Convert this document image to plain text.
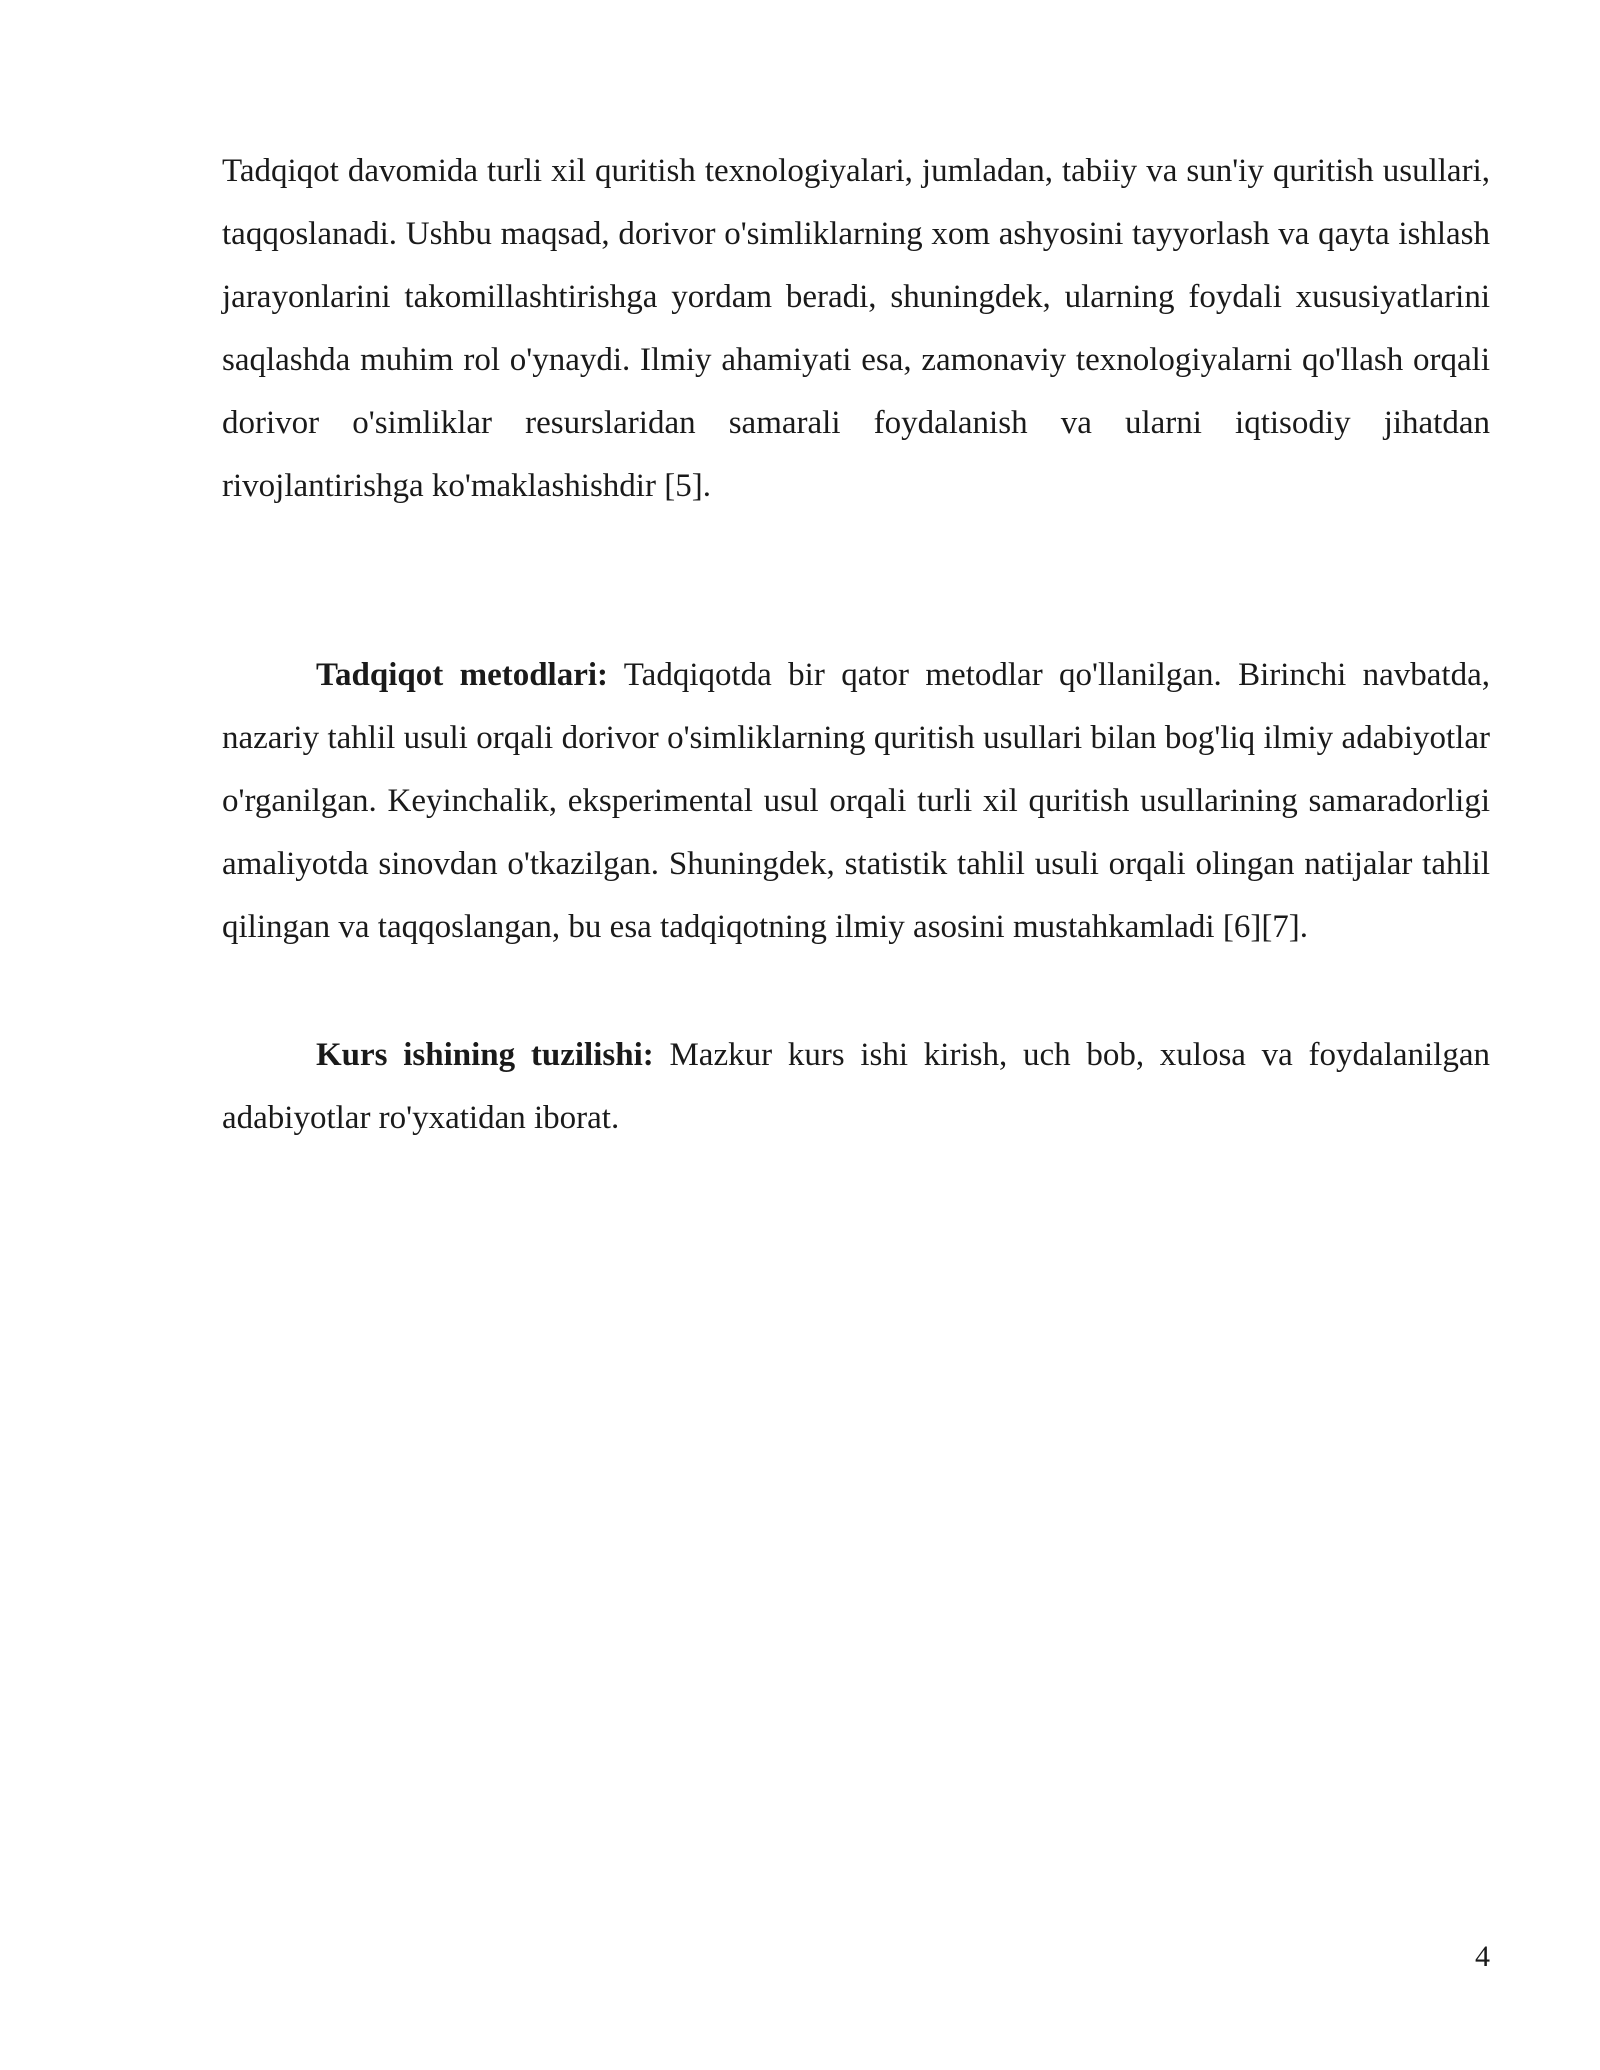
Tadqiqot davomida turli xil quritish texnologiyalari, jumladan, tabiiy va sun'iy quritish usullari, taqqoslanadi. Ushbu maqsad, dorivor o'simliklarning xom ashyosini tayyorlash va qayta ishlash jarayonlarini takomillashtirishga yordam beradi, shuningdek, ularning foydali xususiyatlarini saqlashda muhim rol o'ynaydi. Ilmiy ahamiyati esa, zamonaviy texnologiyalarni qo'llash orqali dorivor o'simliklar resurslaridan samarali foydalanish va ularni iqtisodiy jihatdan rivojlantirishga ko'maklashishdir [5].

Tadqiqot metodlari: Tadqiqotda bir qator metodlar qo'llanilgan. Birinchi navbatda, nazariy tahlil usuli orqali dorivor o'simliklarning quritish usullari bilan bog'liq ilmiy adabiyotlar o'rganilgan. Keyinchalik, eksperimental usul orqali turli xil quritish usullarining samaradorligi amaliyotda sinovdan o'tkazilgan. Shuningdek, statistik tahlil usuli orqali olingan natijalar tahlil qilingan va taqqoslangan, bu esa tadqiqotning ilmiy asosini mustahkamladi [6][7].

Kurs ishining tuzilishi: Mazkur kurs ishi kirish, uch bob, xulosa va foydalanilgan adabiyotlar ro'yxatidan iborat.

4
